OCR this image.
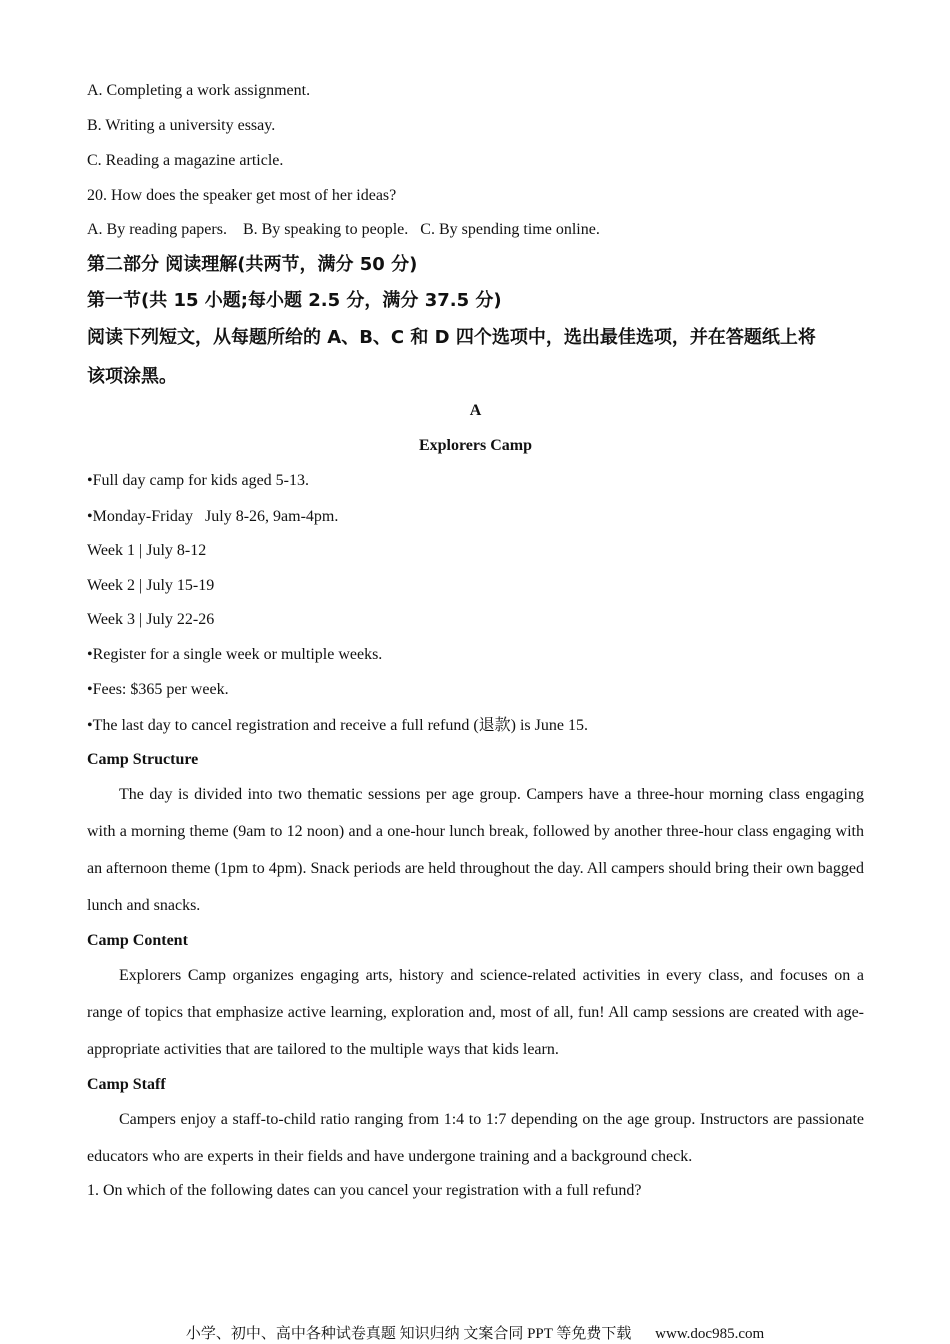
A. Completing a work assignment.
B. Writing a university essay.
C. Reading a magazine article.
20. How does the speaker get most of her ideas?
A. By reading papers.    B. By speaking to people.   C. By spending time online.
第二部分 阅读理解(共两节，满分 50 分)
第一节(共 15 小题;每小题 2.5 分，满分 37.5 分)
阅读下列短文，从每题所给的 A、B、C 和 D 四个选项中，选出最佳选项，并在答题纸上将
该项涂黑。
A
Explorers Camp
•Full day camp for kids aged 5-13.
•Monday-Friday   July 8-26, 9am-4pm.
Week 1 | July 8-12
Week 2 | July 15-19
Week 3 | July 22-26
•Register for a single week or multiple weeks.
•Fees: $365 per week.
•The last day to cancel registration and receive a full refund (退款) is June 15.
Camp Structure
The day is divided into two thematic sessions per age group. Campers have a three-hour morning class engaging with a morning theme (9am to 12 noon) and a one-hour lunch break, followed by another three-hour class engaging with an afternoon theme (1pm to 4pm). Snack periods are held throughout the day. All campers should bring their own bagged lunch and snacks.
Camp Content
Explorers Camp organizes engaging arts, history and science-related activities in every class, and focuses on a range of topics that emphasize active learning, exploration and, most of all, fun! All camp sessions are created with age-appropriate activities that are tailored to the multiple ways that kids learn.
Camp Staff
Campers enjoy a staff-to-child ratio ranging from 1:4 to 1:7 depending on the age group. Instructors are passionate educators who are experts in their fields and have undergone training and a background check.
1. On which of the following dates can you cancel your registration with a full refund?
小学、初中、高中各种试卷真题 知识归纳 文案合同 PPT 等免费下载 www.doc985.com
